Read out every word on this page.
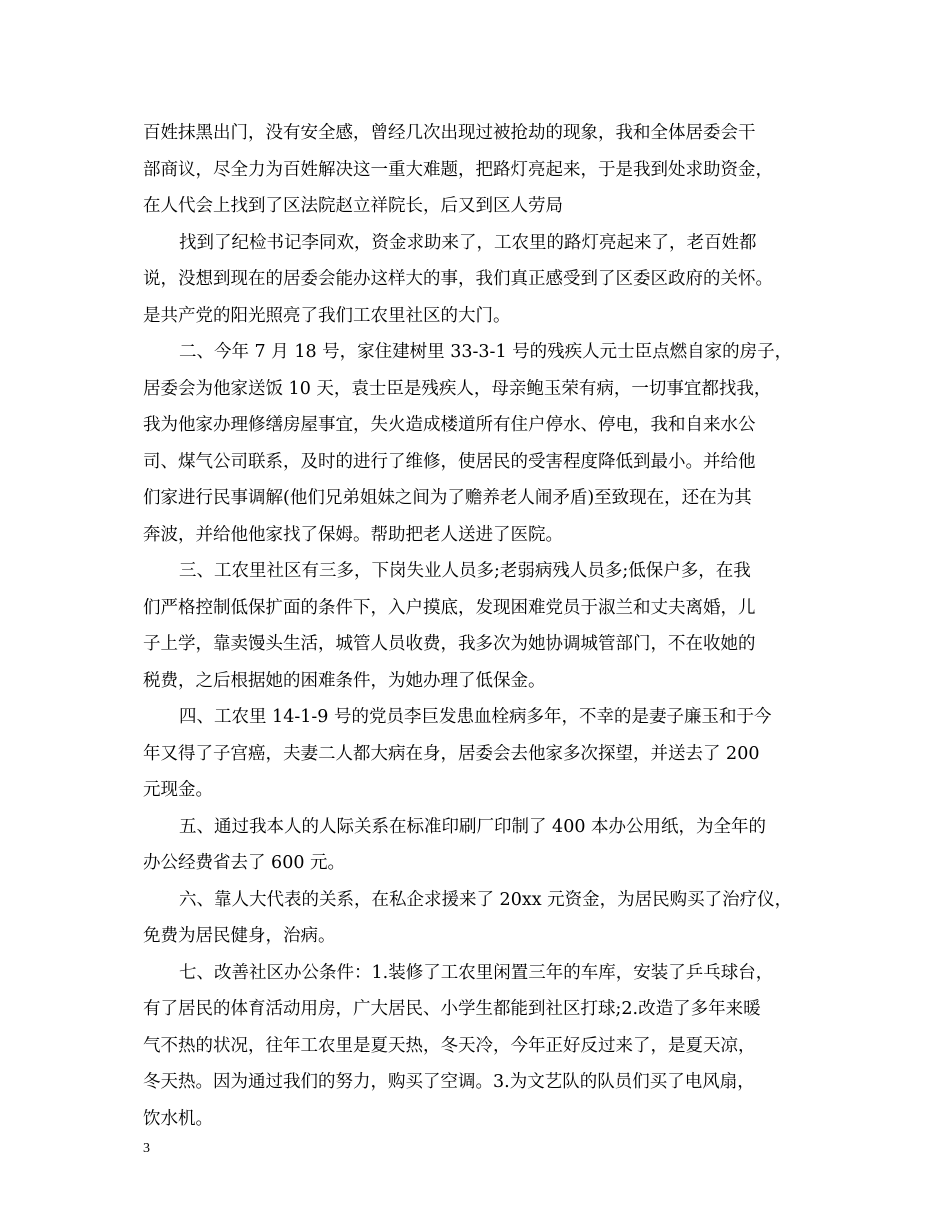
百姓抹黑出门，没有安全感，曾经几次出现过被抢劫的现象，我和全体居委会干
部商议，尽全力为百姓解决这一重大难题，把路灯亮起来，于是我到处求助资金，
在人代会上找到了区法院赵立祥院长，后又到区人劳局
找到了纪检书记李同欢，资金求助来了，工农里的路灯亮起来了，老百姓都
说，没想到现在的居委会能办这样大的事，我们真正感受到了区委区政府的关怀。
是共产党的阳光照亮了我们工农里社区的大门。
二、今年 7 月 18 号，家住建树里 33-3-1 号的残疾人元士臣点燃自家的房子，
居委会为他家送饭 10 天，袁士臣是残疾人，母亲鲍玉荣有病，一切事宜都找我，
我为他家办理修缮房屋事宜，失火造成楼道所有住户停水、停电，我和自来水公
司、煤气公司联系，及时的进行了维修，使居民的受害程度降低到最小。并给他
们家进行民事调解(他们兄弟姐妹之间为了赡养老人闹矛盾)至致现在，还在为其
奔波，并给他他家找了保姆。帮助把老人送进了医院。
三、工农里社区有三多，下岗失业人员多;老弱病残人员多;低保户多，在我
们严格控制低保扩面的条件下，入户摸底，发现困难党员于淑兰和丈夫离婚，儿
子上学，靠卖馒头生活，城管人员收费，我多次为她协调城管部门，不在收她的
税费，之后根据她的困难条件，为她办理了低保金。
四、工农里 14-1-9 号的党员李巨发患血栓病多年，不幸的是妻子廉玉和于今
年又得了子宫癌，夫妻二人都大病在身，居委会去他家多次探望，并送去了 200
元现金。
五、通过我本人的人际关系在标准印刷厂印制了 400 本办公用纸，为全年的
办公经费省去了 600 元。
六、靠人大代表的关系，在私企求援来了 20xx 元资金，为居民购买了治疗仪，
免费为居民健身，治病。
七、改善社区办公条件：1.装修了工农里闲置三年的车库，安装了乒乓球台，
有了居民的体育活动用房，广大居民、小学生都能到社区打球;2.改造了多年来暖
气不热的状况，往年工农里是夏天热，冬天冷，今年正好反过来了，是夏天凉，
冬天热。因为通过我们的努力，购买了空调。3.为文艺队的队员们买了电风扇，
饮水机。
3
